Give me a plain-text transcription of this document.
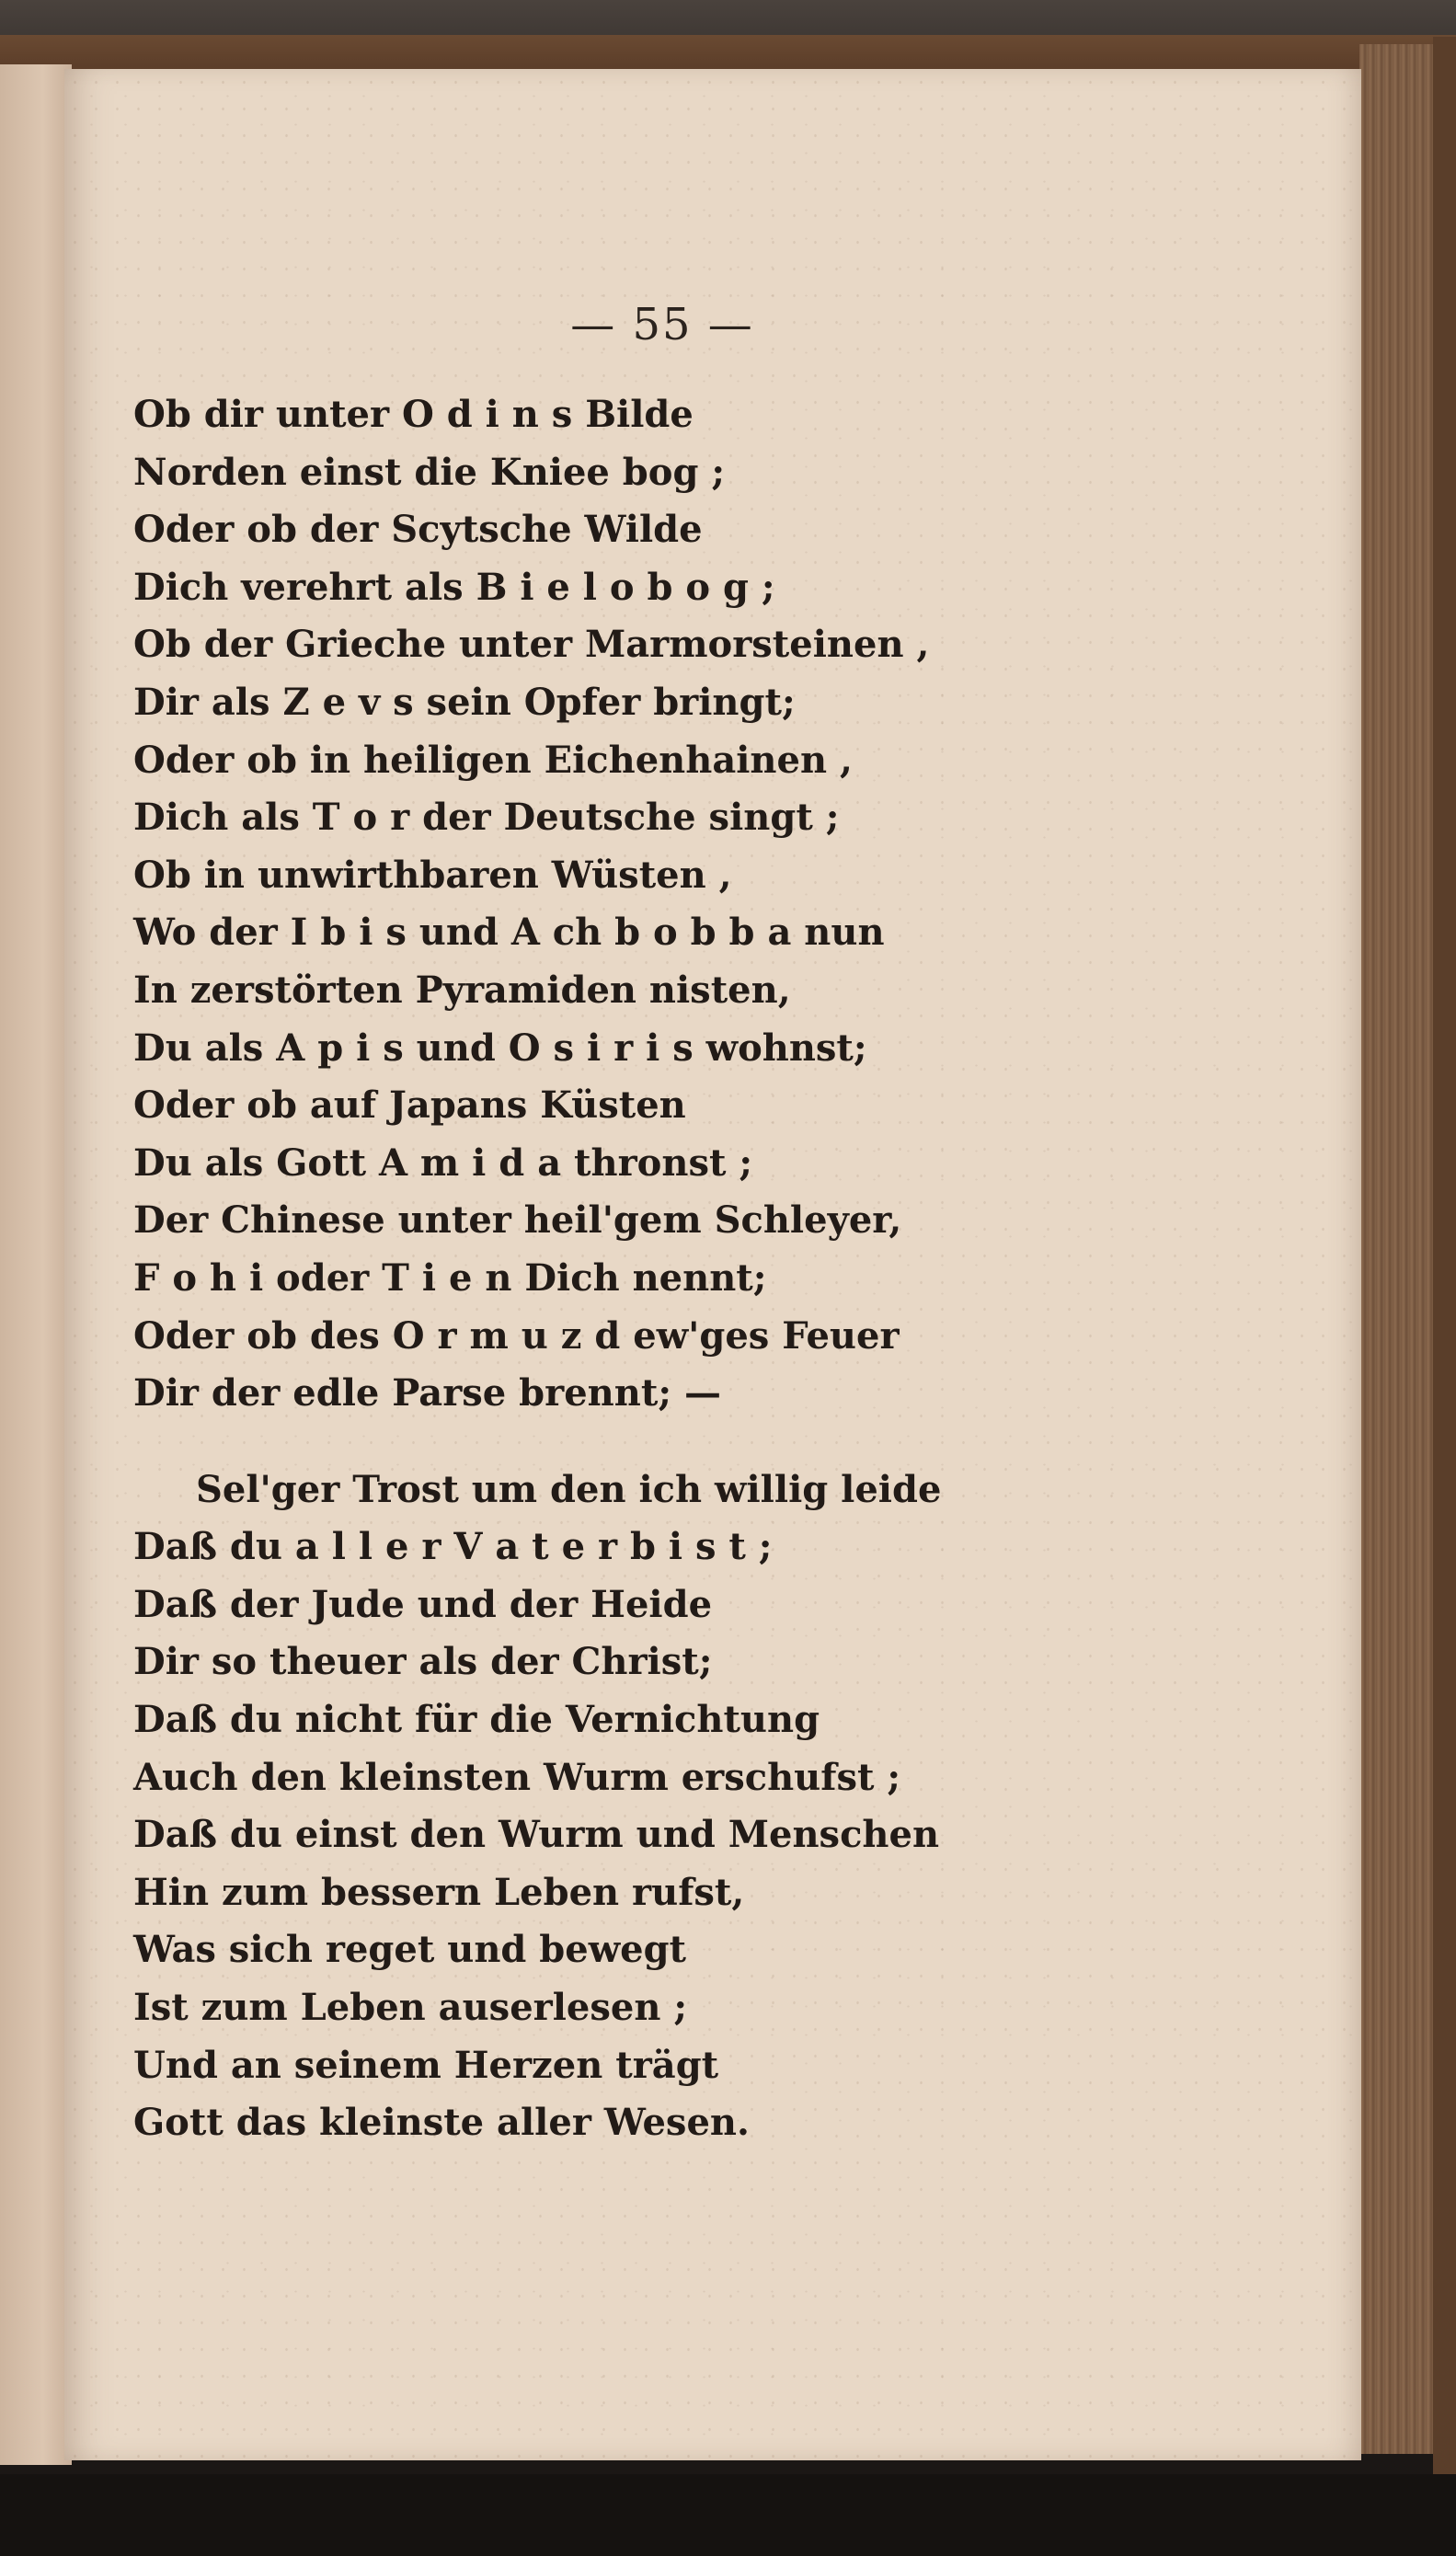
— 55 —
Ob dir unter O d i n s Bilde
Norden einst die Kniee bog ;
Oder ob der Scytsche Wilde
Dich verehrt als B i e l o b o g ;
Ob der Grieche unter Marmorsteinen ,
Dir als Z e v s sein Opfer bringt;
Oder ob in heiligen Eichenhainen ,
Dich als T o r der Deutsche singt ;
Ob in unwirthbaren Wüsten ,
Wo der I b i s und A ch b o b b a nun
In zerstörten Pyramiden nisten,
Du als A p i s und O s i r i s wohnst;
Oder ob auf Japans Küsten
Du als Gott A m i d a thronst ;
Der Chinese unter heil'gem Schleyer,
F o h i oder T i e n Dich nennt;
Oder ob des O r m u z d ew'ges Feuer
Dir der edle Parse brennt; —
Sel'ger Trost um den ich willig leide
Daß du a l l e r V a t e r b i s t ;
Daß der Jude und der Heide
Dir so theuer als der Christ;
Daß du nicht für die Vernichtung
Auch den kleinsten Wurm erschufst ;
Daß du einst den Wurm und Menschen
Hin zum bessern Leben rufst,
Was sich reget und bewegt
Ist zum Leben auserlesen ;
Und an seinem Herzen trägt
Gott das kleinste aller Wesen.
